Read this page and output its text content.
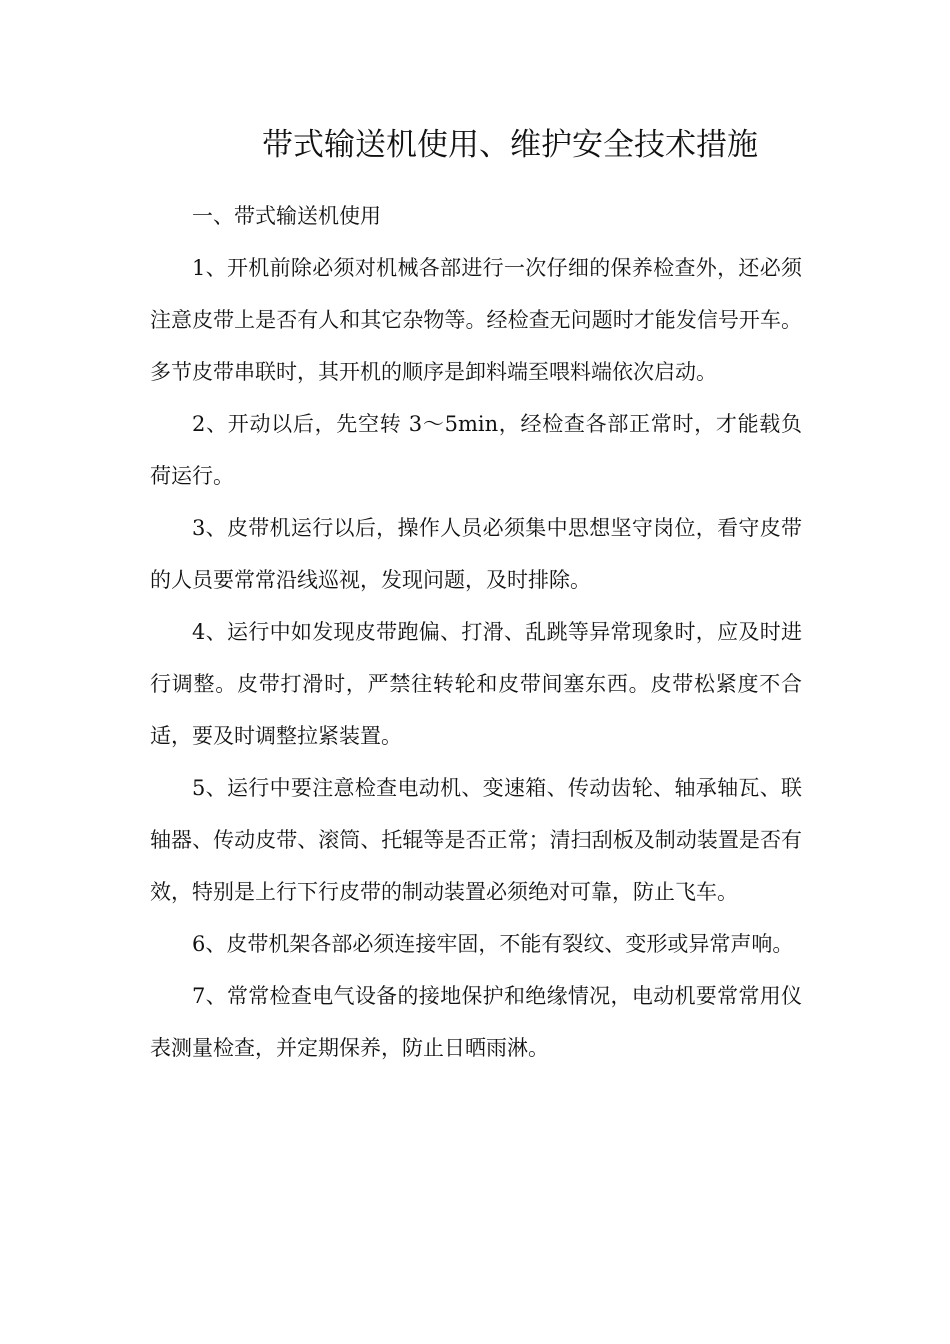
带式输送机使用、维护安全技术措施

一、带式输送机使用

1、开机前除必须对机械各部进行一次仔细的保养检查外，还必须注意皮带上是否有人和其它杂物等。经检查无问题时才能发信号开车。多节皮带串联时，其开机的顺序是卸料端至喂料端依次启动。

2、开动以后，先空转 3～5min，经检查各部正常时，才能载负荷运行。

3、皮带机运行以后，操作人员必须集中思想坚守岗位，看守皮带的人员要常常沿线巡视，发现问题，及时排除。

4、运行中如发现皮带跑偏、打滑、乱跳等异常现象时，应及时进行调整。皮带打滑时，严禁往转轮和皮带间塞东西。皮带松紧度不合适，要及时调整拉紧装置。

5、运行中要注意检查电动机、变速箱、传动齿轮、轴承轴瓦、联轴器、传动皮带、滚筒、托辊等是否正常；清扫刮板及制动装置是否有效，特别是上行下行皮带的制动装置必须绝对可靠，防止飞车。

6、皮带机架各部必须连接牢固，不能有裂纹、变形或异常声响。

7、常常检查电气设备的接地保护和绝缘情况，电动机要常常用仪表测量检查，并定期保养，防止日晒雨淋。
